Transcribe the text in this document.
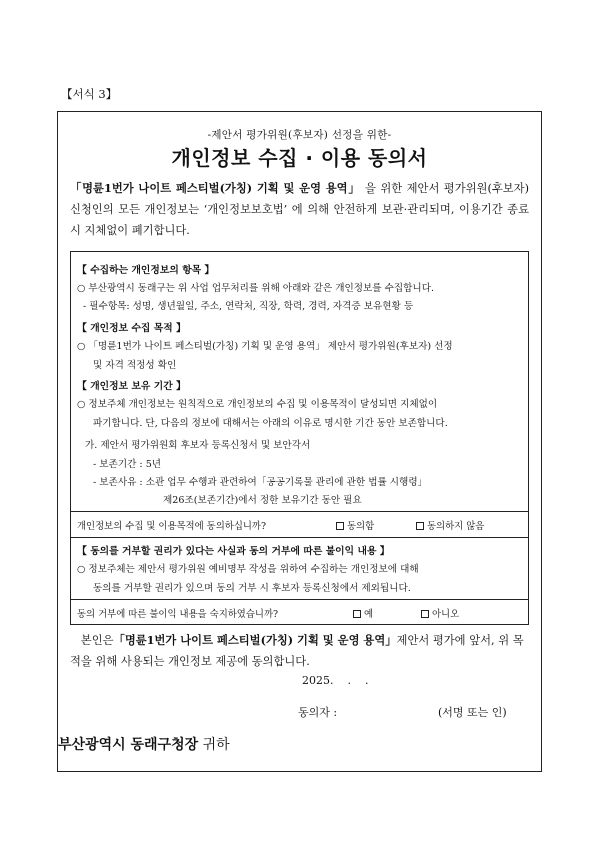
【서식 3】
-제안서 평가위원(후보자) 선정을 위한-
개인정보 수집 · 이용 동의서
「명륜1번가 나이트 페스티벌(가칭) 기획 및 운영 용역」 을 위한 제안서 평가위원(후보자) 신청인의 모든 개인정보는 ‘개인정보보호법’ 에 의해 안전하게 보관·관리되며, 이용기간 종료 시 지체없이 폐기합니다.
【 수집하는 개인정보의 항목 】
○ 부산광역시 동래구는 위 사업 업무처리를 위해 아래와 같은 개인정보를 수집합니다.
- 필수항목: 성명, 생년월일, 주소, 연락처, 직장, 학력, 경력, 자격증 보유현황 등
【 개인정보 수집 목적 】
○ 「명륜1번가 나이트 페스티벌(가칭) 기획 및 운영 용역」 제안서 평가위원(후보자) 선정
및 자격 적정성 확인
【 개인정보 보유 기간 】
○ 정보주체 개인정보는 원칙적으로 개인정보의 수집 및 이용목적이 달성되면 지체없이
파기합니다. 단, 다음의 정보에 대해서는 아래의 이유로 명시한 기간 동안 보존합니다.
가. 제안서 평가위원회 후보자 등록신청서 및 보안각서
- 보존기간 : 5년
- 보존사유 : 소관 업무 수행과 관련하여「공공기록물 관리에 관한 법률 시행령」
제26조(보존기간)에서 정한 보유기간 동안 필요
개인정보의 수집 및 이용목적에 동의하십니까?	동의함	동의하지 않음
【 동의를 거부할 권리가 있다는 사실과 동의 거부에 따른 불이익 내용 】
○ 정보주체는 제안서 평가위원 예비명부 작성을 위하여 수집하는 개인정보에 대해
동의를 거부할 권리가 있으며 동의 거부 시 후보자 등록신청에서 제외됩니다.
동의 거부에 따른 불이익 내용을 숙지하였습니까?	예	아니오
본인은「명륜1번가 나이트 페스티벌(가칭) 기획 및 운영 용역」제안서 평가에 앞서, 위 목적을 위해 사용되는 개인정보 제공에 동의합니다.
2025.    .    .
동의자 :	(서명 또는 인)
부산광역시 동래구청장 귀하
